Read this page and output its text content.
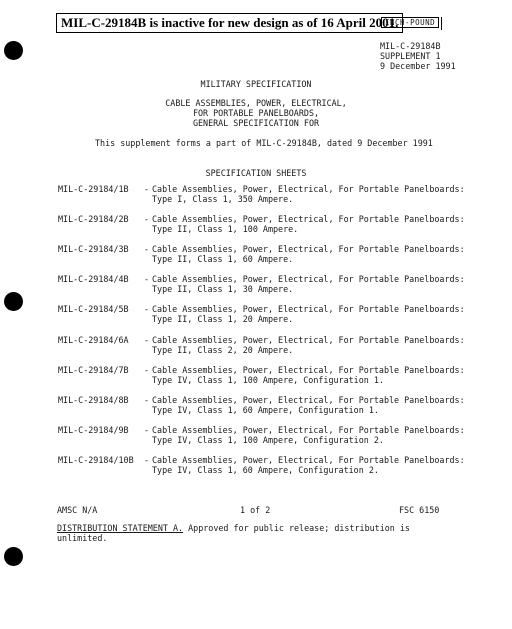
MIL-C-29184B is inactive for new design as of 16 April 2001.
INCH-POUND
MIL-C-29184B
SUPPLEMENT 1
9 December 1991
MILITARY SPECIFICATION
CABLE ASSEMBLIES, POWER, ELECTRICAL,
FOR PORTABLE PANELBOARDS,
GENERAL SPECIFICATION FOR
This supplement forms a part of MIL-C-29184B, dated 9 December 1991
SPECIFICATION SHEETS
MIL-C-29184/1B - Cable Assemblies, Power, Electrical, For Portable Panelboards:
Type I, Class 1, 350 Ampere.
MIL-C-29184/2B - Cable Assemblies, Power, Electrical, For Portable Panelboards:
Type II, Class 1, 100 Ampere.
MIL-C-29184/3B - Cable Assemblies, Power, Electrical, For Portable Panelboards:
Type II, Class 1, 60 Ampere.
MIL-C-29184/4B - Cable Assemblies, Power, Electrical, For Portable Panelboards:
Type II, Class 1, 30 Ampere.
MIL-C-29184/5B - Cable Assemblies, Power, Electrical, For Portable Panelboards:
Type II, Class 1, 20 Ampere.
MIL-C-29184/6A - Cable Assemblies, Power, Electrical, For Portable Panelboards:
Type II, Class 2, 20 Ampere.
MIL-C-29184/7B - Cable Assemblies, Power, Electrical, For Portable Panelboards:
Type IV, Class 1, 100 Ampere, Configuration 1.
MIL-C-29184/8B - Cable Assemblies, Power, Electrical, For Portable Panelboards:
Type IV, Class 1, 60 Ampere, Configuration 1.
MIL-C-29184/9B - Cable Assemblies, Power, Electrical, For Portable Panelboards:
Type IV, Class 1, 100 Ampere, Configuration 2.
MIL-C-29184/10B - Cable Assemblies, Power, Electrical, For Portable Panelboards:
Type IV, Class 1, 60 Ampere, Configuration 2.
AMSC N/A	1 of 2	FSC 6150
DISTRIBUTION STATEMENT A. Approved for public release; distribution is
unlimited.
